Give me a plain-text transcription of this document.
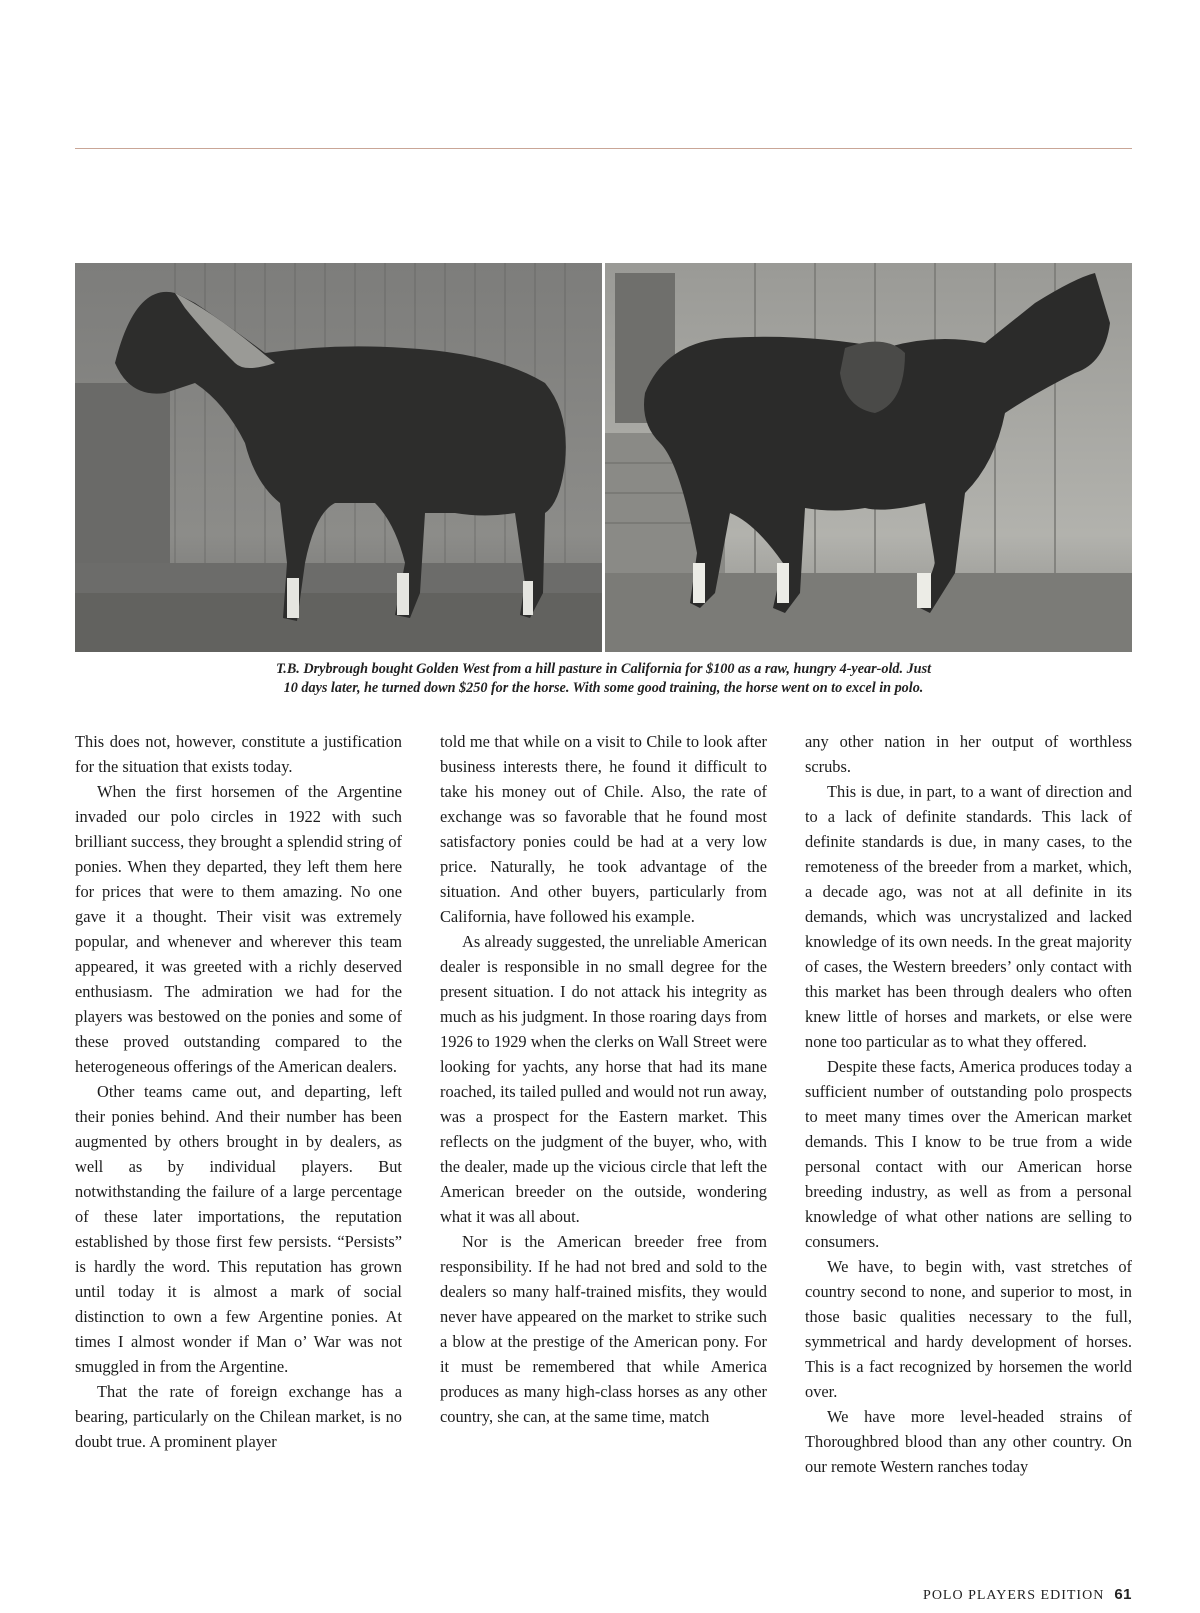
T.B. Drybrough bought Golden West from a hill pasture in California for $100 as a raw, hungry 4-year-old. Just

10 days later, he turned down $250 for the horse. With some good training, the horse went on to excel in polo.

This does not, however, constitute a justification for the situation that exists today.

When the first horsemen of the Argentine invaded our polo circles in 1922 with such brilliant success, they brought a splendid string of ponies. When they departed, they left them here for prices that were to them amazing. No one gave it a thought. Their visit was extremely popular, and whenever and wherever this team appeared, it was greeted with a richly deserved enthusiasm. The admiration we had for the players was bestowed on the ponies and some of these proved outstanding compared to the heterogeneous offerings of the American dealers.

Other teams came out, and departing, left their ponies behind. And their number has been augmented by others brought in by dealers, as well as by individual players. But notwithstanding the failure of a large percentage of these later importations, the reputation established by those first few persists. “Persists” is hardly the word. This reputation has grown until today it is almost a mark of social distinction to own a few Argentine ponies. At times I almost wonder if Man o’ War was not smuggled in from the Argentine.

That the rate of foreign exchange has a bearing, particularly on the Chilean market, is no doubt true. A prominent player

told me that while on a visit to Chile to look after business interests there, he found it difficult to take his money out of Chile. Also, the rate of exchange was so favorable that he found most satisfactory ponies could be had at a very low price. Naturally, he took advantage of the situation. And other buyers, particularly from California, have followed his example.

As already suggested, the unreliable American dealer is responsible in no small degree for the present situation. I do not attack his integrity as much as his judgment. In those roaring days from 1926 to 1929 when the clerks on Wall Street were looking for yachts, any horse that had its mane roached, its tailed pulled and would not run away, was a prospect for the Eastern market. This reflects on the judgment of the buyer, who, with the dealer, made up the vicious circle that left the American breeder on the outside, wondering what it was all about.

Nor is the American breeder free from responsibility. If he had not bred and sold to the dealers so many half-trained misfits, they would never have appeared on the market to strike such a blow at the prestige of the American pony. For it must be remembered that while America produces as many high-class horses as any other country, she can, at the same time, match

any other nation in her output of worthless scrubs.

This is due, in part, to a want of direction and to a lack of definite standards. This lack of definite standards is due, in many cases, to the remoteness of the breeder from a market, which, a decade ago, was not at all definite in its demands, which was uncrystalized and lacked knowledge of its own needs. In the great majority of cases, the Western breeders’ only contact with this market has been through dealers who often knew little of horses and markets, or else were none too particular as to what they offered.

Despite these facts, America produces today a sufficient number of outstanding polo prospects to meet many times over the American market demands. This I know to be true from a wide personal contact with our American horse breeding industry, as well as from a personal knowledge of what other nations are selling to consumers.

We have, to begin with, vast stretches of country second to none, and superior to most, in those basic qualities necessary to the full, symmetrical and hardy development of horses. This is a fact recognized by horsemen the world over.

We have more level-headed strains of Thoroughbred blood than any other country. On our remote Western ranches today

POLO PLAYERS EDITION 61
